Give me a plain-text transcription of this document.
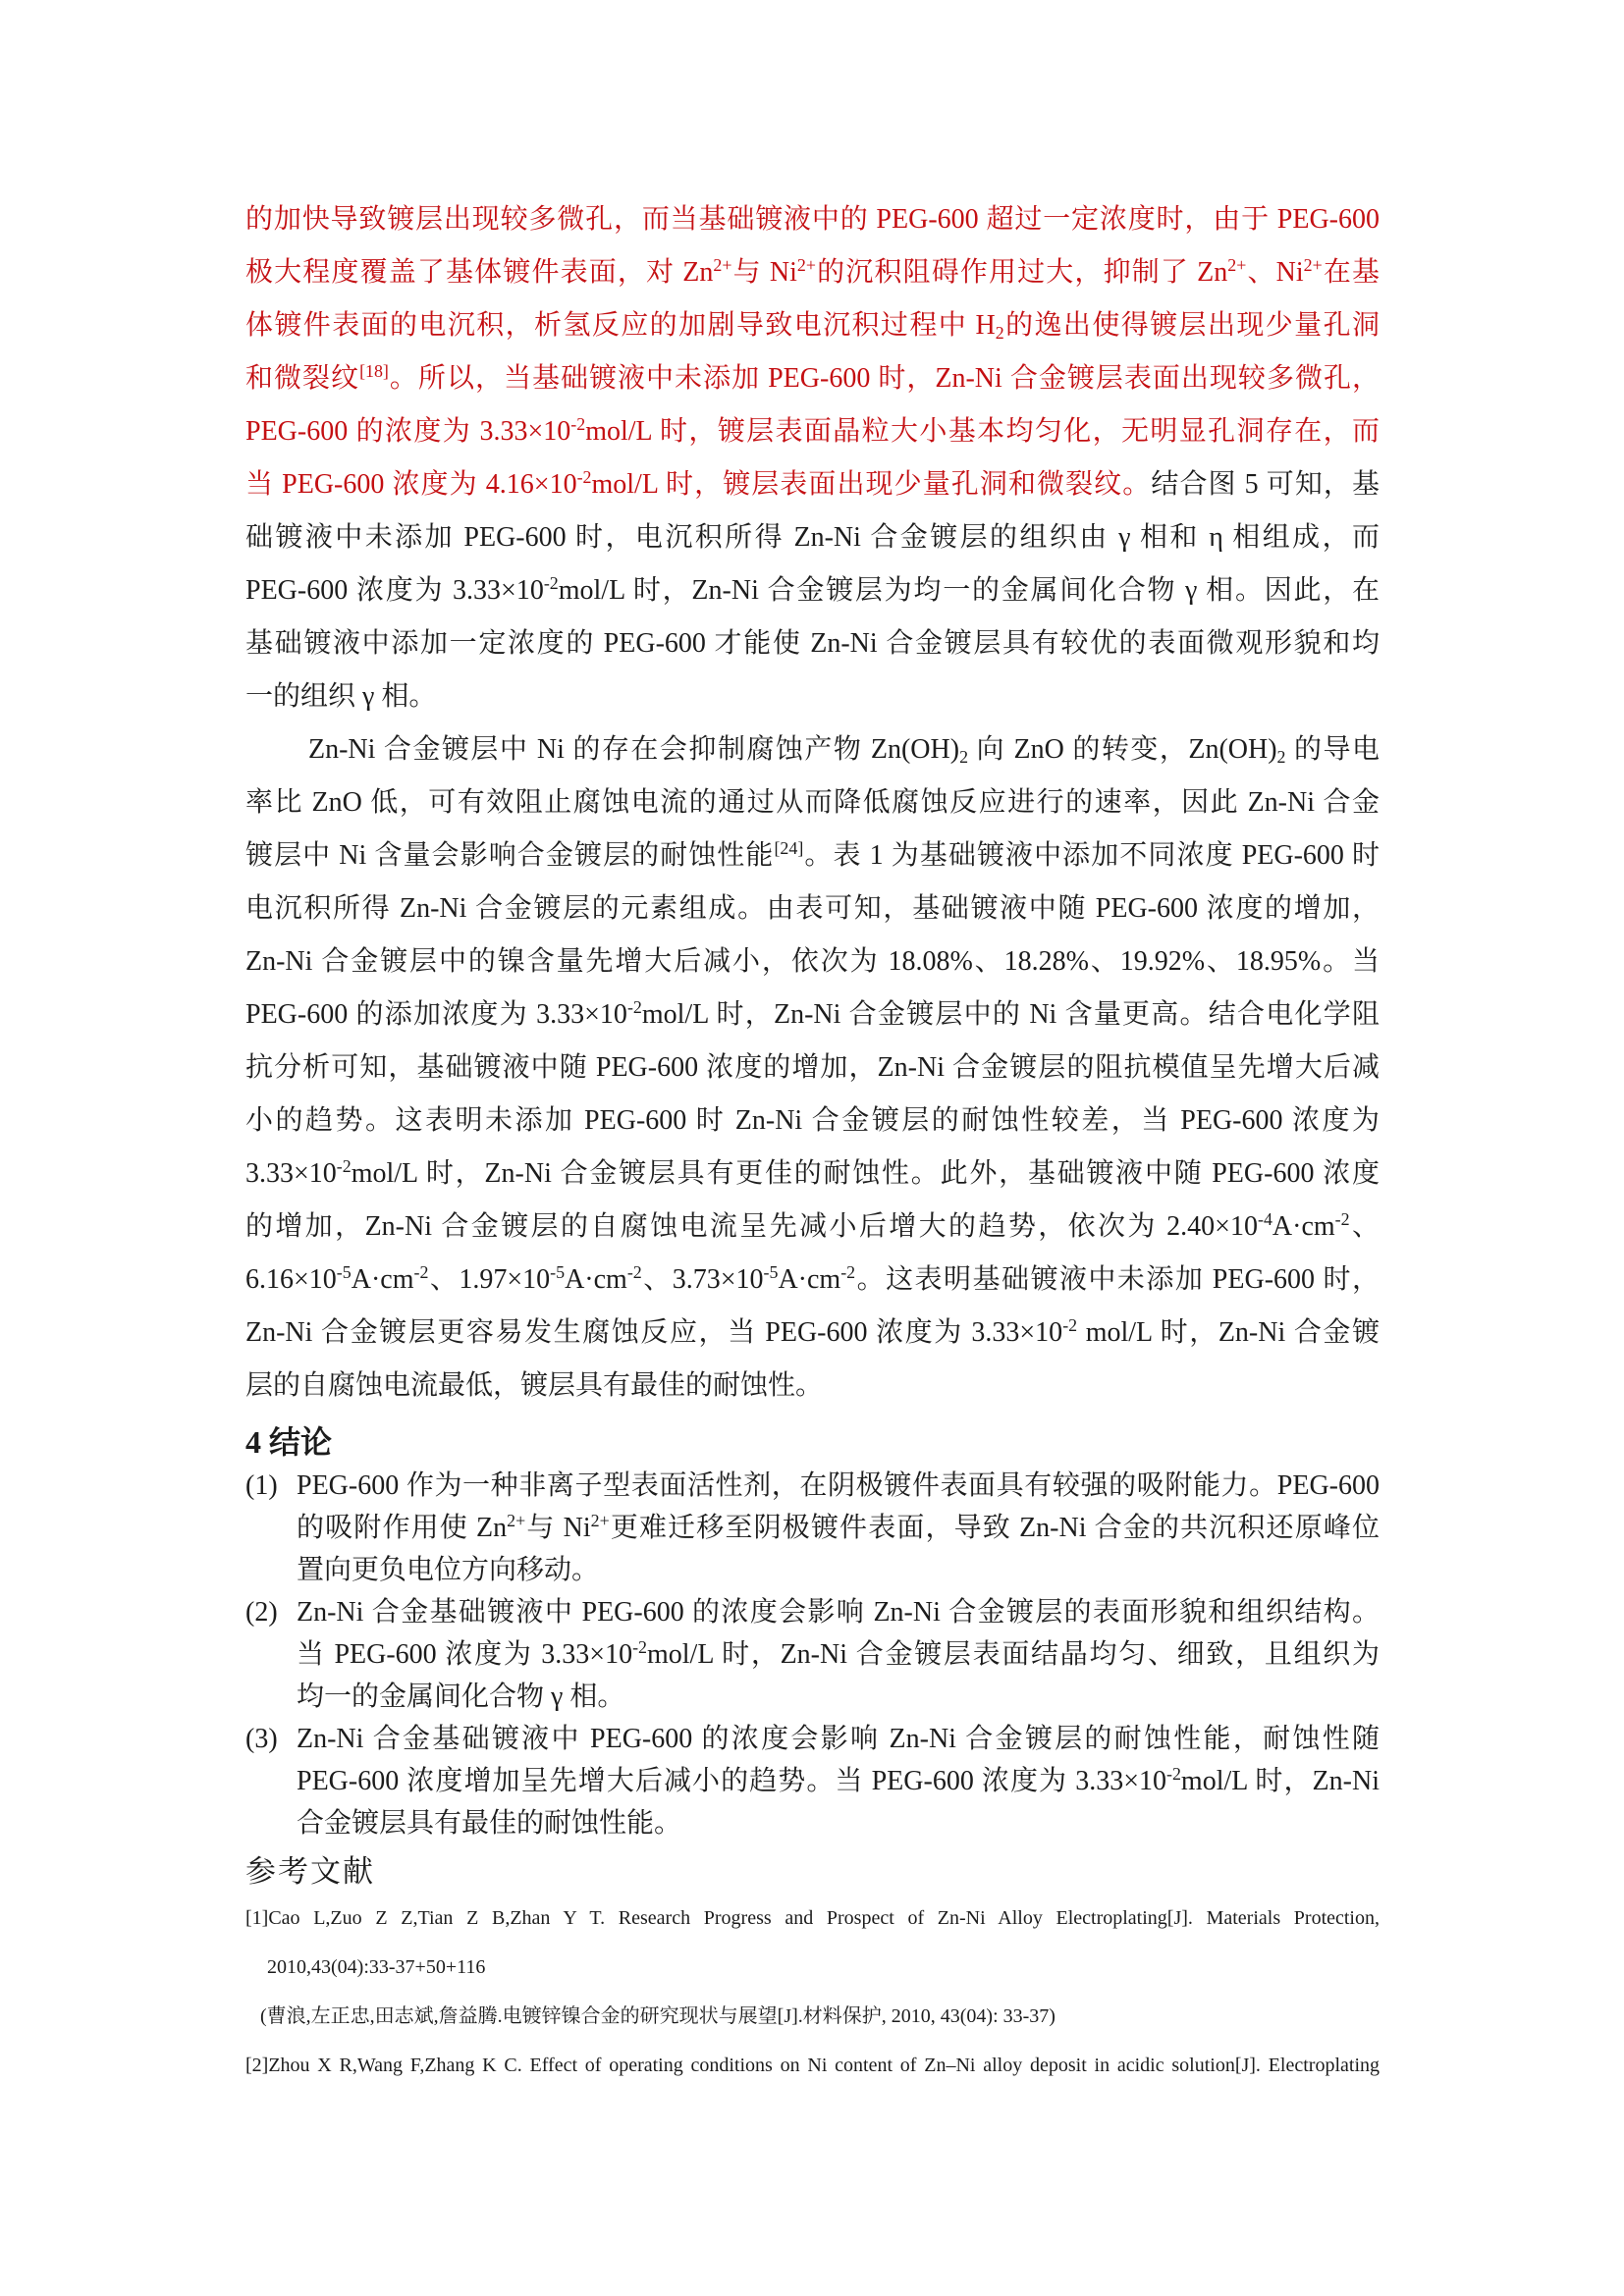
的加快导致镀层出现较多微孔，而当基础镀液中的 PEG-600 超过一定浓度时，由于 PEG-600
极大程度覆盖了基体镀件表面，对 $Zn^{2+}$与 $Ni^{2+}$的沉积阻碍作用过大，抑制了 $Zn^{2+}$、$Ni^{2+}$在基
体镀件表面的电沉积，析氢反应的加剧导致电沉积过程中 H2的逸出使得镀层出现少量孔洞
和微裂纹[18]。所以，当基础镀液中未添加 PEG-600 时，Zn-Ni 合金镀层表面出现较多微孔，
PEG-600 的浓度为 $3.33\times 10^{-2}mol/L$ 时，镀层表面晶粒大小基本均匀化，无明显孔洞存在，而
当 PEG-600 浓度为 $4.16\times 10^{-2}mol/L$ 时，镀层表面出现少量孔洞和微裂纹。结合图 5 可知，基
础镀液中未添加 PEG-600 时，电沉积所得 Zn-Ni 合金镀层的组织由 γ 相和 η 相组成，而
PEG-600 浓度为 $3.33\times 10^{-2}mol/L$ 时，Zn-Ni 合金镀层为均一的金属间化合物 γ 相。因此，在
基础镀液中添加一定浓度的 PEG-600 才能使 Zn-Ni 合金镀层具有较优的表面微观形貌和均
一的组织 γ 相。
Zn-Ni 合金镀层中 Ni 的存在会抑制腐蚀产物 Zn(OH)2 向 ZnO 的转变，Zn(OH)2 的导电
率比 ZnO 低，可有效阻止腐蚀电流的通过从而降低腐蚀反应进行的速率，因此 Zn-Ni 合金
镀层中 Ni 含量会影响合金镀层的耐蚀性能[24]。表 1 为基础镀液中添加不同浓度 PEG-600 时
电沉积所得 Zn-Ni 合金镀层的元素组成。由表可知，基础镀液中随 PEG-600 浓度的增加，
Zn-Ni 合金镀层中的镍含量先增大后减小，依次为 18.08%、18.28%、19.92%、18.95%。当
PEG-600 的添加浓度为 $3.33\times 10^{-2}mol/L$ 时，Zn-Ni 合金镀层中的 Ni 含量更高。结合电化学阻
抗分析可知，基础镀液中随 PEG-600 浓度的增加，Zn-Ni 合金镀层的阻抗模值呈先增大后减
小的趋势。这表明未添加 PEG-600 时 Zn-Ni 合金镀层的耐蚀性较差，当 PEG-600 浓度为
$3.33\times 10^{-2}mol/L$ 时，Zn-Ni 合金镀层具有更佳的耐蚀性。此外，基础镀液中随 PEG-600 浓度
的增加，Zn-Ni 合金镀层的自腐蚀电流呈先减小后增大的趋势，依次为 $2.40\times 10^{-4}A\cdot cm^{-2}$、
$6.16\times 10^{-5}A\cdot cm^{-2}$、$1.97\times 10^{-5}A\cdot cm^{-2}$、$3.73\times 10^{-5}A\cdot cm^{-2}$。这表明基础镀液中未添加 PEG-600 时，
Zn-Ni 合金镀层更容易发生腐蚀反应，当 PEG-600 浓度为 $3.33\times 10^{-2}$ mol/L 时，Zn-Ni 合金镀
层的自腐蚀电流最低，镀层具有最佳的耐蚀性。
4 结论
(1) PEG-600 作为一种非离子型表面活性剂，在阴极镀件表面具有较强的吸附能力。PEG-600
的吸附作用使 $Zn^{2+}$与 $Ni^{2+}$更难迁移至阴极镀件表面，导致 Zn-Ni 合金的共沉积还原峰位
置向更负电位方向移动。
(2) Zn-Ni 合金基础镀液中 PEG-600 的浓度会影响 Zn-Ni 合金镀层的表面形貌和组织结构。
当 PEG-600 浓度为 $3.33\times 10^{-2}mol/L$ 时，Zn-Ni 合金镀层表面结晶均匀、细致，且组织为
均一的金属间化合物 γ 相。
(3) Zn-Ni 合金基础镀液中 PEG-600 的浓度会影响 Zn-Ni 合金镀层的耐蚀性能，耐蚀性随
PEG-600 浓度增加呈先增大后减小的趋势。当 PEG-600 浓度为 $3.33\times 10^{-2}mol/L$ 时，Zn-Ni
合金镀层具有最佳的耐蚀性能。
参考文献
[1]Cao L,Zuo Z Z,Tian Z B,Zhan Y T. Research Progress and Prospect of Zn-Ni Alloy Electroplating[J]. Materials Protection,
2010,43(04):33-37+50+116
(曹浪,左正忠,田志斌,詹益腾.电镀锌镍合金的研究现状与展望[J].材料保护, 2010, 43(04): 33-37)
[2]Zhou X R,Wang F,Zhang K C. Effect of operating conditions on Ni content of Zn–Ni alloy deposit in acidic solution[J]. Electroplating
